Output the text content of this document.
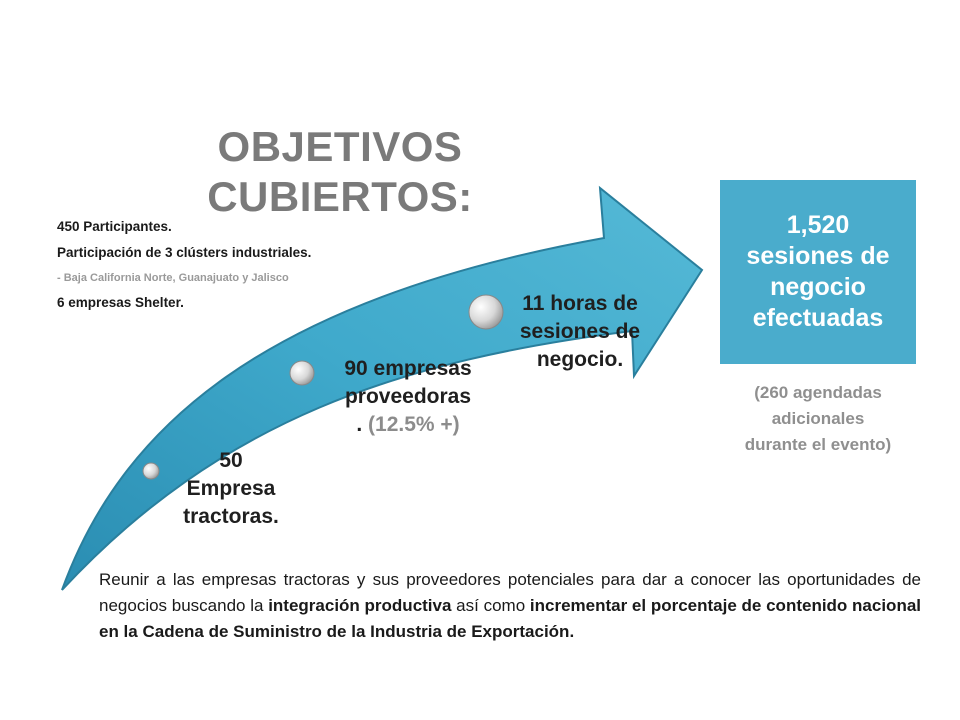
OBJETIVOS
CUBIERTOS:
450 Participantes.
Participación de 3 clústers industriales.
- Baja California Norte, Guanajuato y Jalisco
6 empresas Shelter.
50
Empresa
tractoras.
90 empresas
proveedoras
. (12.5% +)
11 horas de
sesiones de
negocio.
1,520
sesiones de
negocio
efectuadas
(260 agendadas
adicionales
durante el evento)
Reunir a las empresas tractoras y sus proveedores potenciales para dar a conocer las oportunidades de negocios buscando la integración productiva así como incrementar el porcentaje de contenido nacional en la Cadena de Suministro de la Industria de Exportación.
